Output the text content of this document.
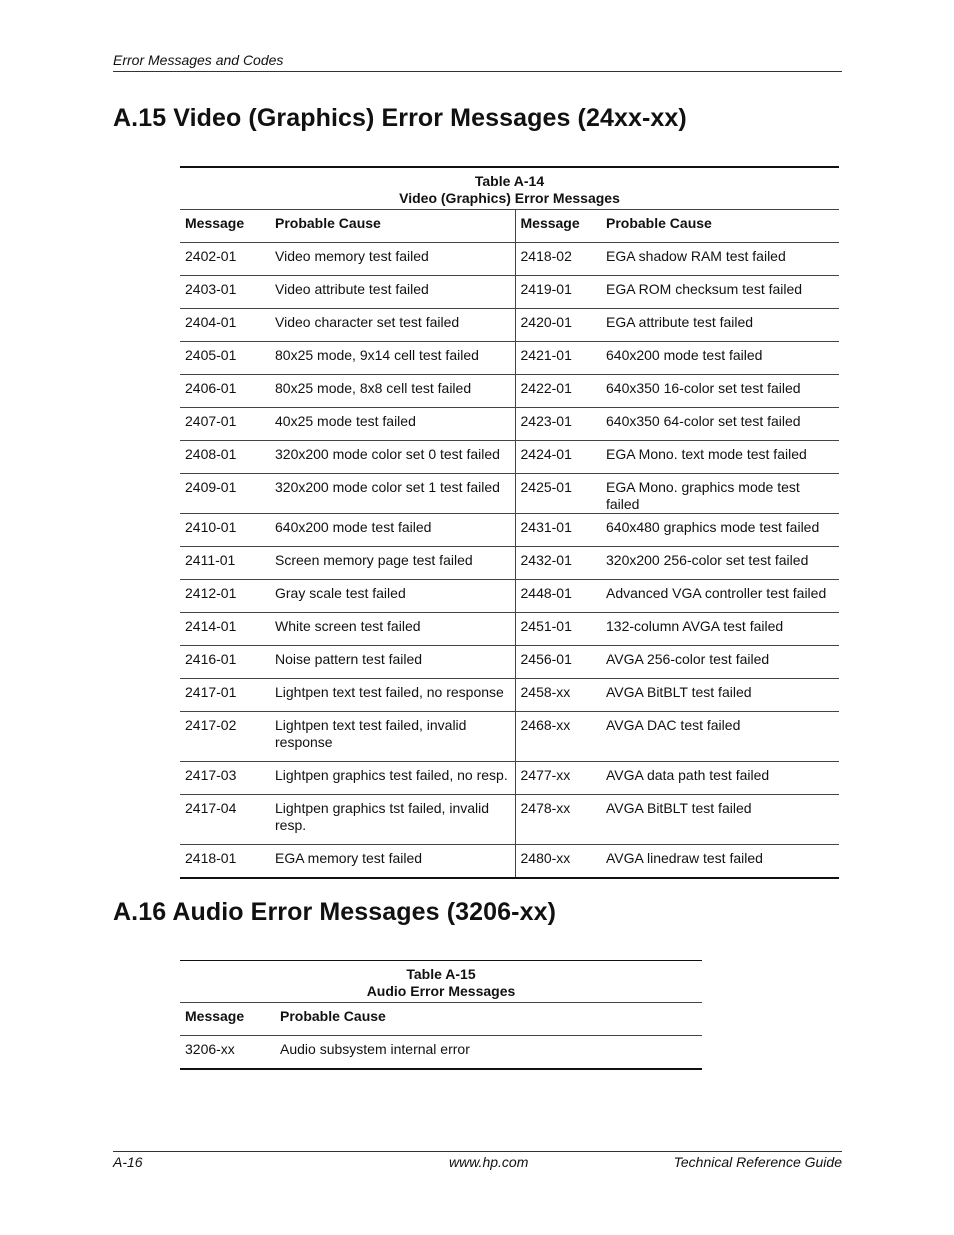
Error Messages and Codes
A.15 Video (Graphics) Error Messages (24xx-xx)
Table A-14
Video (Graphics) Error Messages			

Message	Probable Cause	Message	Probable Cause
2402-01	Video memory test failed	2418-02	EGA shadow RAM test failed
2403-01	Video attribute test failed	2419-01	EGA ROM checksum test failed
2404-01	Video character set test failed	2420-01	EGA attribute test failed
2405-01	80x25 mode, 9x14 cell test failed	2421-01	640x200 mode test failed
2406-01	80x25 mode, 8x8 cell test failed	2422-01	640x350 16-color set test failed
2407-01	40x25 mode test failed	2423-01	640x350 64-color set test failed
2408-01	320x200 mode color set 0 test failed	2424-01	EGA Mono. text mode test failed
2409-01	320x200 mode color set 1 test failed	2425-01	EGA Mono. graphics mode test failed
2410-01	640x200 mode test failed	2431-01	640x480 graphics mode test failed
2411-01	Screen memory page test failed	2432-01	320x200 256-color set test failed
2412-01	Gray scale test failed	2448-01	Advanced VGA controller test failed
2414-01	White screen test failed	2451-01	132-column AVGA test failed
2416-01	Noise pattern test failed	2456-01	AVGA 256-color test failed
2417-01	Lightpen text test failed, no response	2458-xx	AVGA BitBLT test failed
2417-02	Lightpen text test failed, invalid response	2468-xx	AVGA DAC test failed
2417-03	Lightpen graphics test failed, no resp.	2477-xx	AVGA data path test failed
2417-04	Lightpen graphics tst failed, invalid resp.	2478-xx	AVGA BitBLT test failed
2418-01	EGA memory test failed	2480-xx	AVGA linedraw test failed
A.16 Audio Error Messages (3206-xx)
Table A-15
Audio Error Messages	

Message	Probable Cause
3206-xx	Audio subsystem internal error
A-16	www.hp.com	Technical Reference Guide
